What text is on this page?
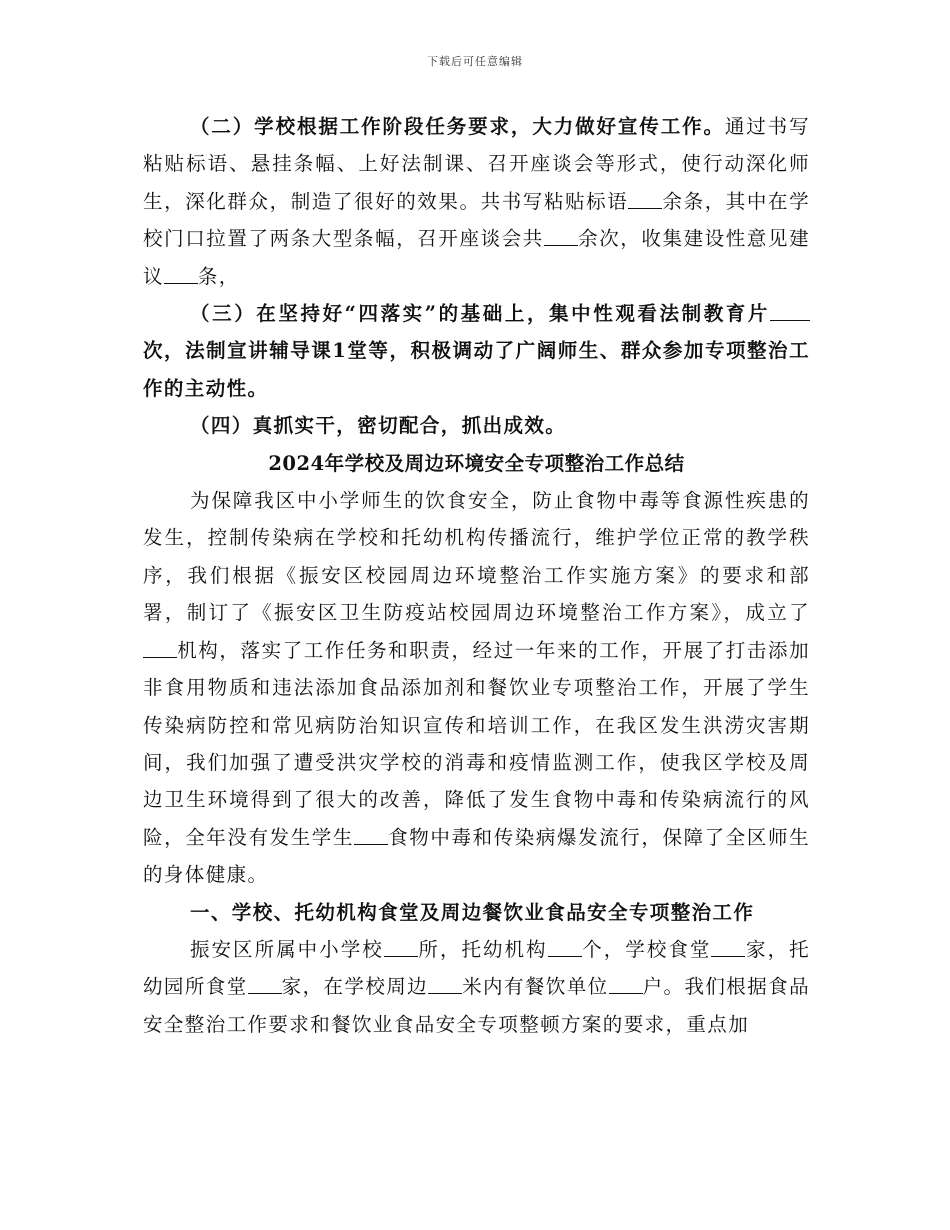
下载后可任意编辑

（二）学校根据工作阶段任务要求，大力做好宣传工作。通过书写粘贴标语、悬挂条幅、上好法制课、召开座谈会等形式，使行动深化师生，深化群众，制造了很好的效果。共书写粘贴标语 余条，其中在学校门口拉置了两条大型条幅，召开座谈会共 余次，收集建设性意见建议 条，

（三）在坚持好“四落实”的基础上，集中性观看法制教育片次，法制宣讲辅导课1堂等，积极调动了广阔师生、群众参加专项整治工作的主动性。

（四）真抓实干，密切配合，抓出成效。

2024年学校及周边环境安全专项整治工作总结

为保障我区中小学师生的饮食安全，防止食物中毒等食源性疾患的发生，控制传染病在学校和托幼机构传播流行，维护学位正常的教学秩序，我们根据《振安区校园周边环境整治工作实施方案》的要求和部署，制订了《振安区卫生防疫站校园周边环境整治工作方案》，成立了机构，落实了工作任务和职责，经过一年来的工作，开展了打击添加非食用物质和违法添加食品添加剂和餐饮业专项整治工作，开展了学生传染病防控和常见病防治知识宣传和培训工作，在我区发生洪涝灾害期间，我们加强了遭受洪灾学校的消毒和疫情监测工作，使我区学校及周边卫生环境得到了很大的改善，降低了发生食物中毒和传染病流行的风险，全年没有发生学生 食物中毒和传染病爆发流行，保障了全区师生的身体健康。

一、学校、托幼机构食堂及周边餐饮业食品安全专项整治工作

振安区所属中小学校 所，托幼机构 个，学校食堂 家，托幼园所食堂 家，在学校周边 米内有餐饮单位 户。我们根据食品安全整治工作要求和餐饮业食品安全专项整顿方案的要求，重点加
